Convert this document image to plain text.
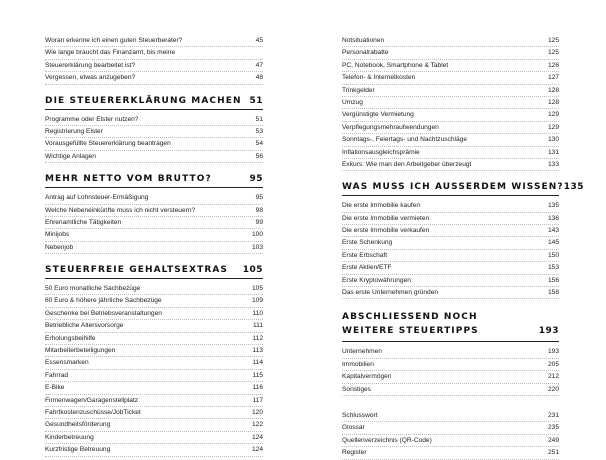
Woran erkenne ich einen guten Steuerberater?	45
Wie lange braucht das Finanzamt, bis meine
Steuererklärung bearbeitet ist?	47
Vergessen, etwas anzugeben?	48
DIE STEUERERKLÄRUNG MACHEN 51
Programme oder Elster nutzen?	51
Registrierung Elster	53
Vorausgefüllte Steuererklärung beantragen	54
Wichtige Anlagen	56
MEHR NETTO VOM BRUTTO?	95
Antrag auf Lohnsteuer-Ermäßigung	95
Welche Nebeneinkünfte muss ich nicht versteuern?	98
Ehrenamtliche Tätigkeiten	99
Minijobs	100
Nebenjob	103
STEUERFREIE GEHALTSEXTRAS 105
50 Euro monatliche Sachbezüge	105
60 Euro & höhere jährliche Sachbezüge	109
Geschenke bei Betriebsveranstaltungen	110
Betriebliche Altersvorsorge	111
Erholungsbeihilfe	112
Mitarbeiterbeteiligungen	113
Essensmarken	114
Fahrrad	115
E-Bike	116
Firmenwagen/Garagenstellplatz	117
Fahrtkostenzuschüsse/JobTicket	120
Gesundheitsförderung	122
Kinderbetreuung	124
Kurzfristige Betreuung	124
Notsituationen	125
Personalrabatte	125
PC, Notebook, Smartphone & Tablet	126
Telefon- & Internetkosten	127
Trinkgelder	128
Umzug	128
Vergünstigte Vermietung	129
Verpflegungsmehraufwendungen	129
Sonntags-, Feiertags- und Nachtzuschläge	130
Inflationsausgleichsprämie	131
Exkurs: Wie man den Arbeitgeber überzeugt	133
WAS MUSS ICH AUSSERDEM WISSEN? 135
Die erste Immobilie kaufen	135
Die erste Immobilie vermieten	136
Die erste Immobilie verkaufen	143
Erste Schenkung	145
Erste Erbschaft	150
Erste Aktien/ETF	153
Erste Kryptowährungen	156
Das erste Unternehmen gründen	158
ABSCHLIESSEND NOCH
WEITERE STEUERTIPPS	193
Unternehmen	193
Immobilien	205
Kapitalvermögen	212
Sonstiges	220
Schlusswort	231
Glossar	235
Quellenverzeichnis (QR-Code)	249
Register	251
